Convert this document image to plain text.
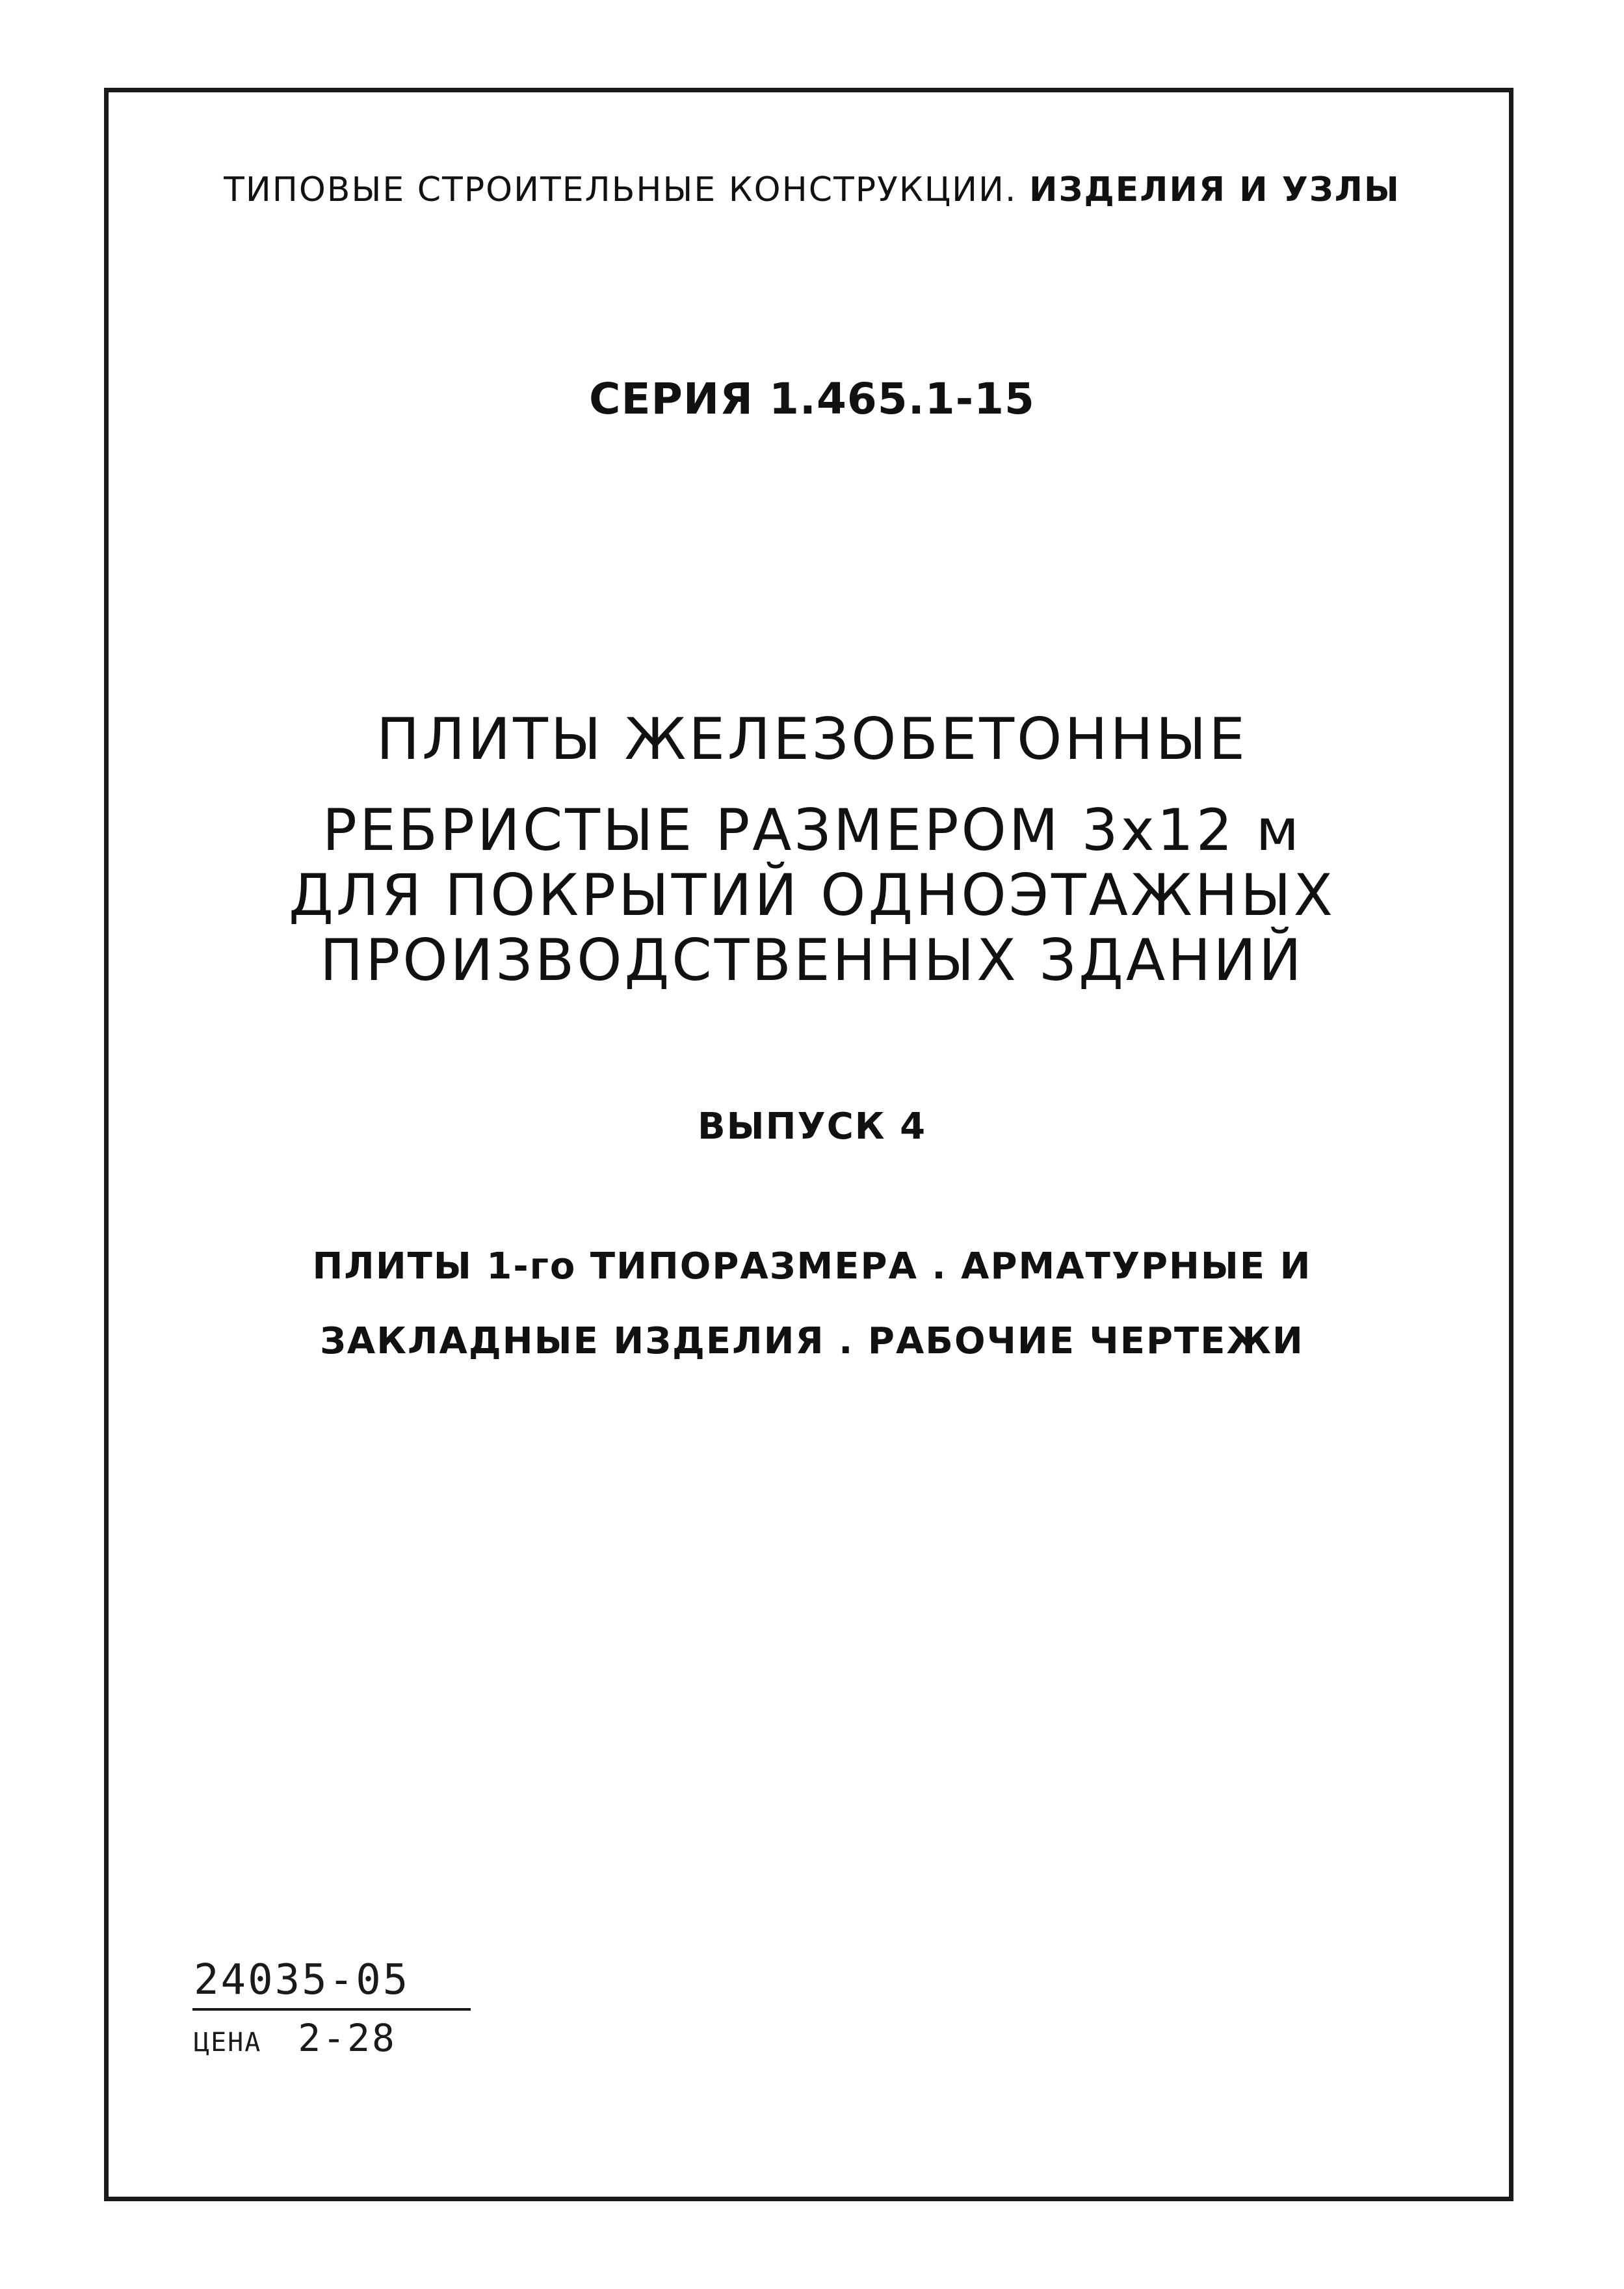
ТИПОВЫЕ СТРОИТЕЛЬНЫЕ КОНСТРУКЦИИ. ИЗДЕЛИЯ И УЗЛЫ
СЕРИЯ 1.465.1-15
ПЛИТЫ ЖЕЛЕЗОБЕТОННЫЕ
РЕБРИСТЫЕ РАЗМЕРОМ 3х12 м
ДЛЯ ПОКРЫТИЙ ОДНОЭТАЖНЫХ
ПРОИЗВОДСТВЕННЫХ ЗДАНИЙ
ВЫПУСК 4
ПЛИТЫ 1-го ТИПОРАЗМЕРА . АРМАТУРНЫЕ И
ЗАКЛАДНЫЕ ИЗДЕЛИЯ . РАБОЧИЕ ЧЕРТЕЖИ
24035-05
ЦЕНА 2-28
